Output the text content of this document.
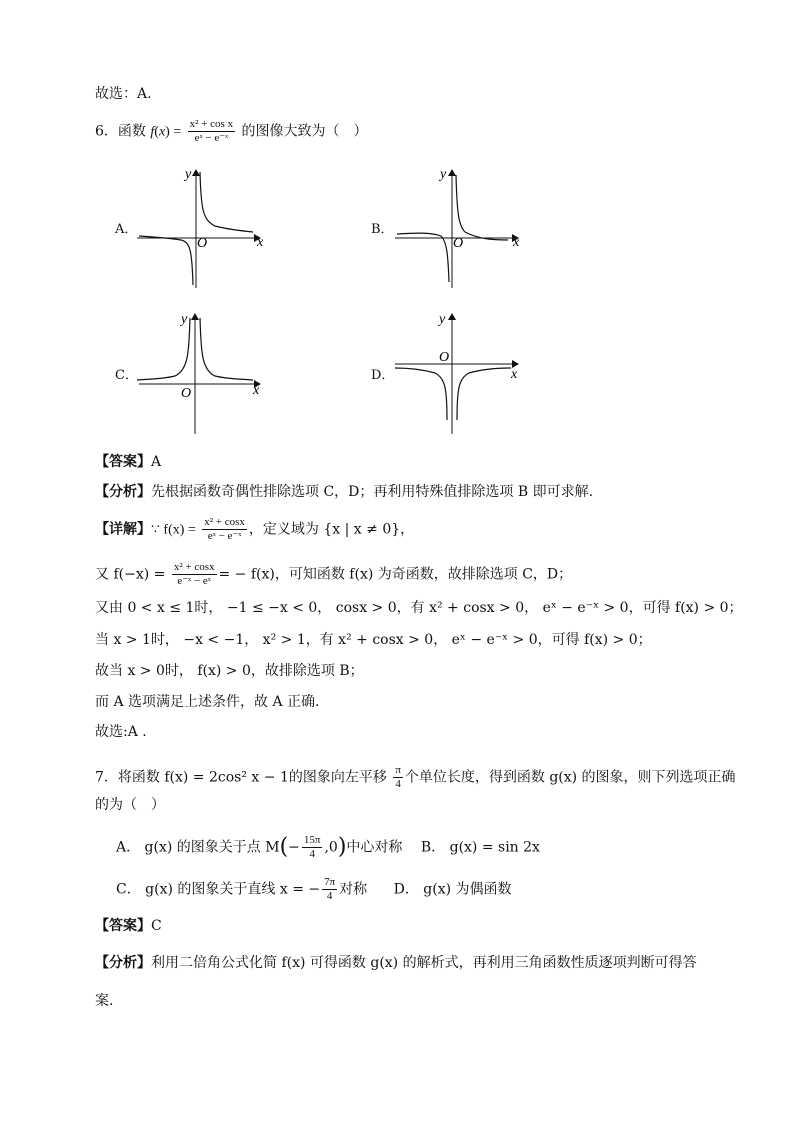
故选：A.
6．函数 $f(x) = \frac{\text{x² + cos x}}{\text{eˣ − e⁻ˣ}}$ 的图像大致为（　）
A．	B．
C．	D．
y
x
O
y
x
O
y
x
O
y
x
O
【答案】A
【分析】先根据函数奇偶性排除选项 C，D；再利用特殊值排除选项 B 即可求解.
【详解】∵ $f(x) = \frac{\text{x² + cosx}}{\text{eˣ − e⁻ˣ}}$ ，定义域为 {x | x ≠ 0}，
又 $f(-x) = \frac{\text{x² + cosx}}{\text{e⁻ˣ − eˣ}}$ = − f(x)，可知函数 f(x) 为奇函数，故排除选项 C，D；
又由 0 < x ≤ 1时， −1 ≤ −x < 0， cosx > 0，有 x² + cosx > 0， eˣ − e⁻ˣ > 0，可得 f(x) > 0；
当 x > 1时， −x < −1， x² > 1，有 x² + cosx > 0， eˣ − e⁻ˣ > 0，可得 f(x) > 0；
故当 x > 0时， f(x) > 0，故排除选项 B；
而 A 选项满足上述条件，故 A 正确.
故选:A .
7．将函数 f(x) = 2cos² x − 1的图象向左平移 $\frac{\pi}{4}$ 个单位长度，得到函数 g(x) 的图象，则下列选项正确
的为（　）
A． g(x) 的图象关于点 $M(- \frac{15\pi}{4} ,0)$中心对称 B． g(x) = sin 2x
C． g(x) 的图象关于直线 x = − $\frac{7\pi}{4}$ 对称 D． g(x) 为偶函数
【答案】C
【分析】利用二倍角公式化简 f(x) 可得函数 g(x) 的解析式，再利用三角函数性质逐项判断可得答
案.
